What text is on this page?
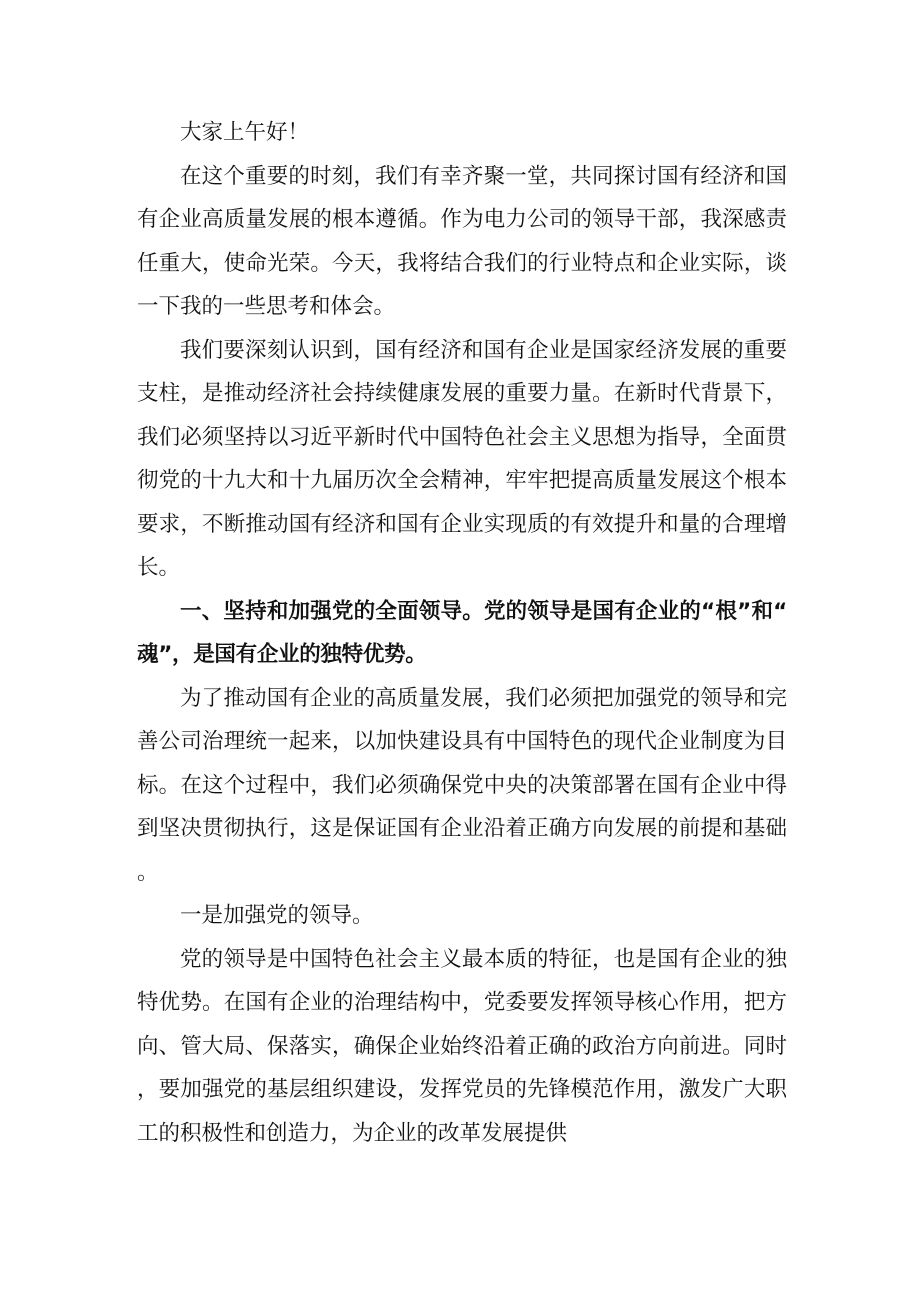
大家上午好！

在这个重要的时刻，我们有幸齐聚一堂，共同探讨国有经济和国有企业高质量发展的根本遵循。作为电力公司的领导干部，我深感责任重大，使命光荣。今天，我将结合我们的行业特点和企业实际，谈一下我的一些思考和体会。

我们要深刻认识到，国有经济和国有企业是国家经济发展的重要支柱，是推动经济社会持续健康发展的重要力量。在新时代背景下，我们必须坚持以习近平新时代中国特色社会主义思想为指导，全面贯彻党的十九大和十九届历次全会精神，牢牢把提高质量发展这个根本要求，不断推动国有经济和国有企业实现质的有效提升和量的合理增长。

一、坚持和加强党的全面领导。党的领导是国有企业的“根”和“魂”，是国有企业的独特优势。

为了推动国有企业的高质量发展，我们必须把加强党的领导和完善公司治理统一起来，以加快建设具有中国特色的现代企业制度为目标。在这个过程中，我们必须确保党中央的决策部署在国有企业中得到坚决贯彻执行，这是保证国有企业沿着正确方向发展的前提和基础。

一是加强党的领导。

党的领导是中国特色社会主义最本质的特征，也是国有企业的独特优势。在国有企业的治理结构中，党委要发挥领导核心作用，把方向、管大局、保落实，确保企业始终沿着正确的政治方向前进。同时，要加强党的基层组织建设，发挥党员的先锋模范作用，激发广大职工的积极性和创造力，为企业的改革发展提供
